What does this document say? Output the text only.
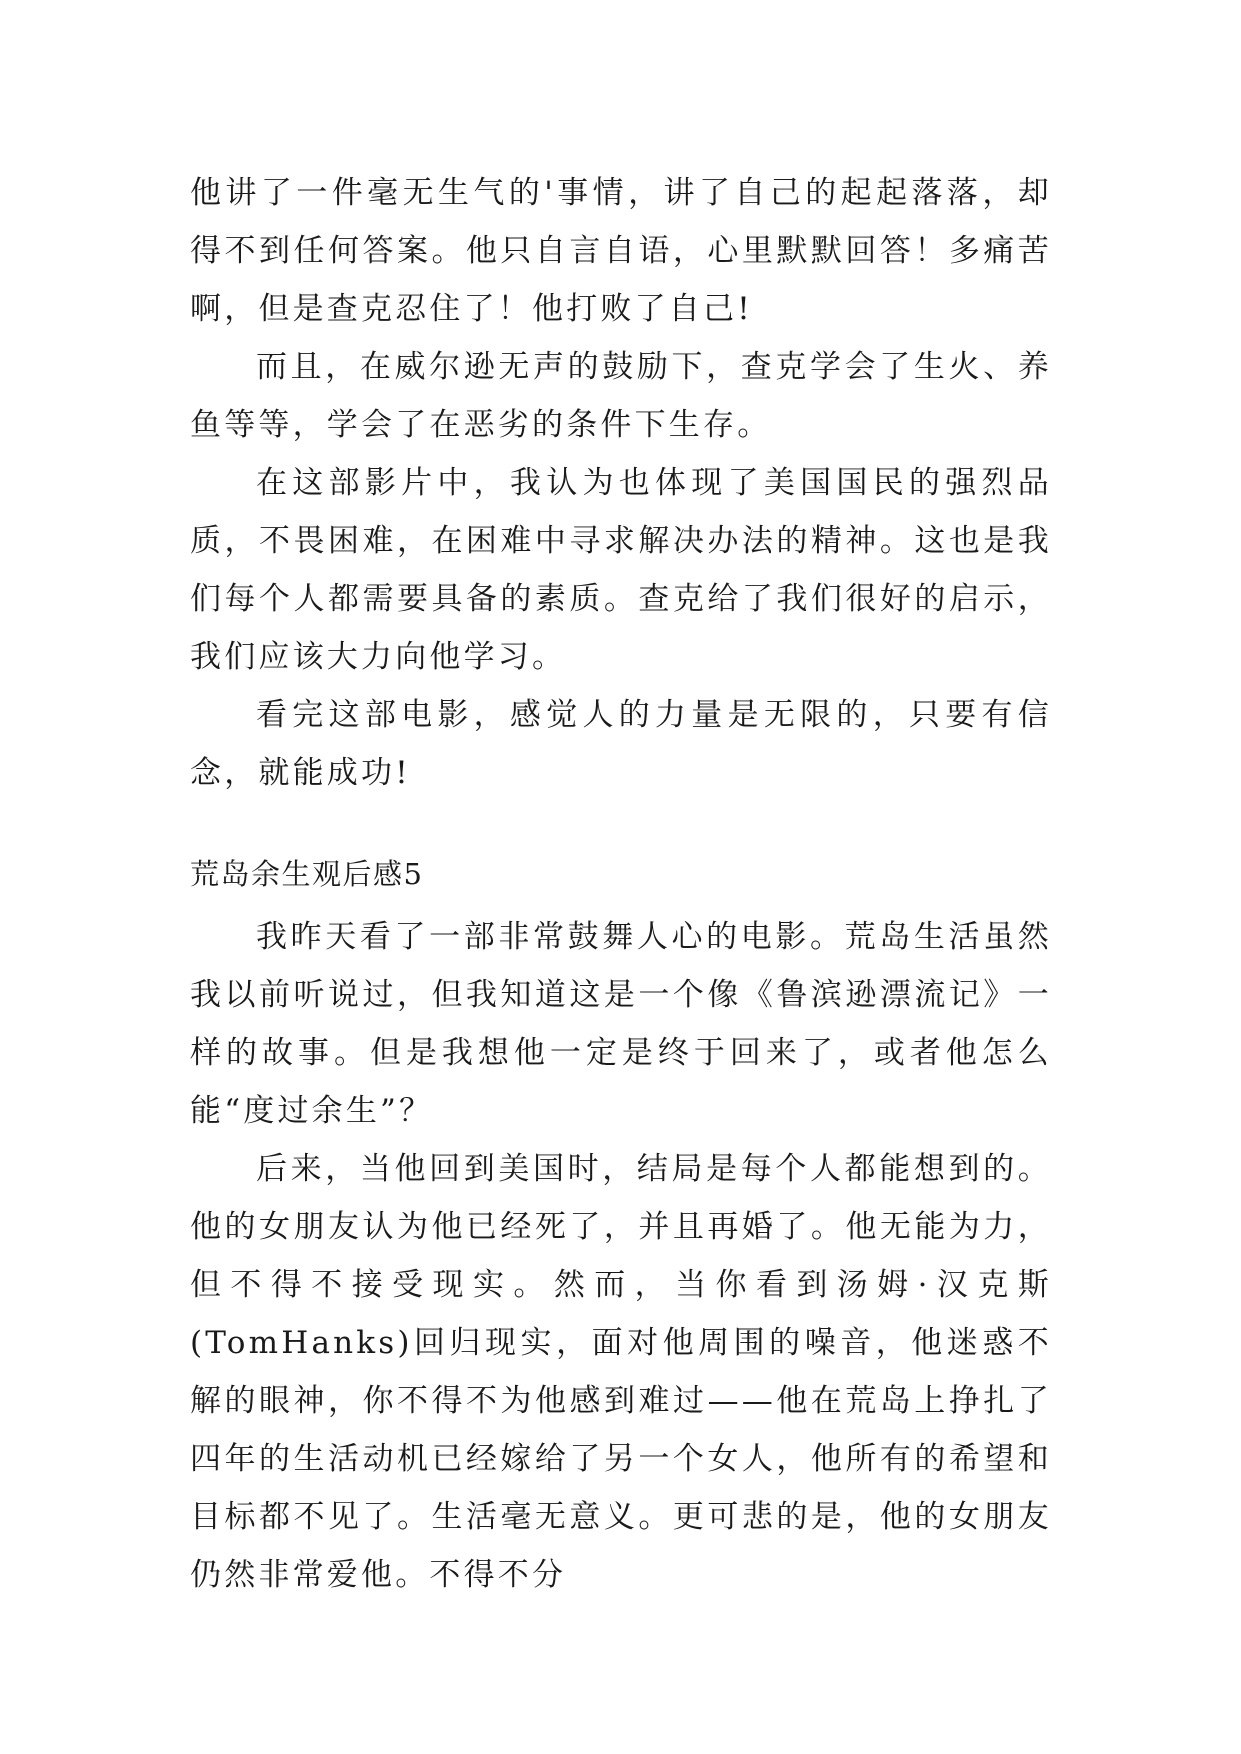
他讲了一件毫无生气的'事情，讲了自己的起起落落，却得不到任何答案。他只自言自语，心里默默回答！多痛苦啊，但是查克忍住了！他打败了自己!

而且，在威尔逊无声的鼓励下，查克学会了生火、养鱼等等，学会了在恶劣的条件下生存。

在这部影片中，我认为也体现了美国国民的强烈品质，不畏困难，在困难中寻求解决办法的精神。这也是我们每个人都需要具备的素质。查克给了我们很好的启示，我们应该大力向他学习。

看完这部电影，感觉人的力量是无限的，只要有信念，就能成功!

荒岛余生观后感5

我昨天看了一部非常鼓舞人心的电影。荒岛生活虽然我以前听说过，但我知道这是一个像《鲁滨逊漂流记》一样的故事。但是我想他一定是终于回来了，或者他怎么能“度过余生”？

后来，当他回到美国时，结局是每个人都能想到的。他的女朋友认为他已经死了，并且再婚了。他无能为力，但不得不接受现实。然而，当你看到汤姆·汉克斯(TomHanks)回归现实，面对他周围的噪音，他迷惑不解的眼神，你不得不为他感到难过——他在荒岛上挣扎了四年的生活动机已经嫁给了另一个女人，他所有的希望和目标都不见了。生活毫无意义。更可悲的是，他的女朋友仍然非常爱他。不得不分
